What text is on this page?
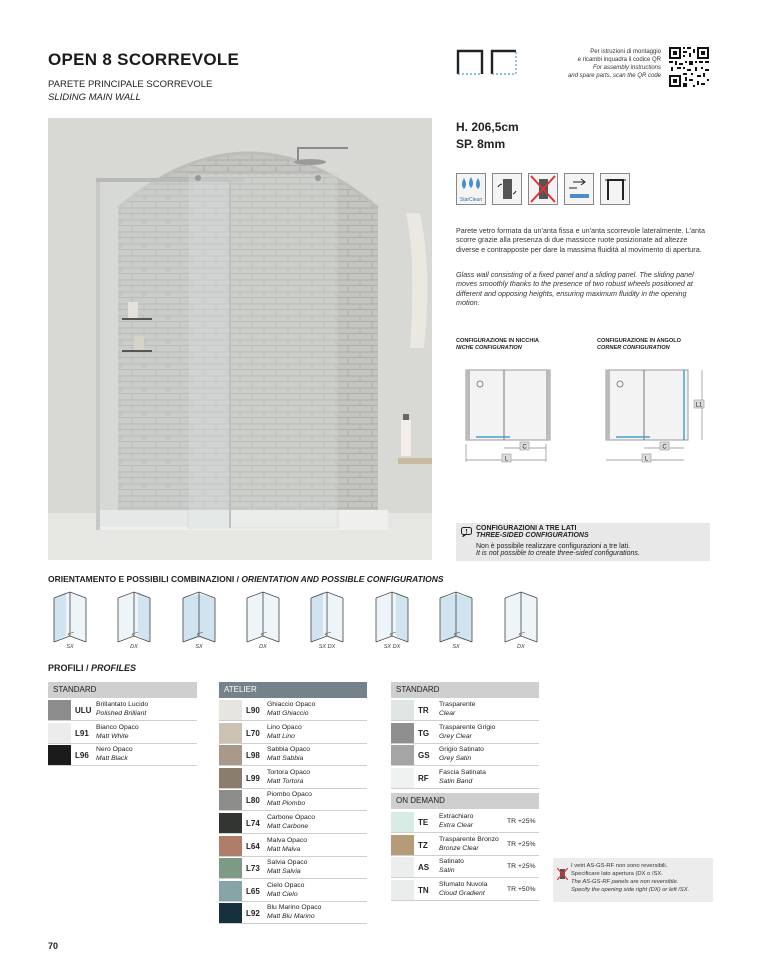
OPEN 8 SCORREVOLE
PARETE PRINCIPALE SCORREVOLE
SLIDING MAIN WALL
Per istruzioni di montaggio
e ricambi inquadra il codice QR
For assembly instructions
and spare parts, scan the QR code
H. 206,5cm
SP. 8mm
StarClean
Parete vetro formata da un'anta fissa e un'anta scorrevole lateralmente. L'anta scorre grazie alla presenza di due massicce ruote posizionate ad altezze diverse e contrapposte per dare la massima fluidità al movimento di apertura.
Glass wall consisting of a fixed panel and a sliding panel. The sliding panel moves smoothly thanks to the presence of two robust wheels positioned at different and opposing heights, ensuring maximum fluidity in the opening motion.
CONFIGURAZIONE IN NICCHIA
NICHE CONFIGURATION
CONFIGURAZIONE IN ANGOLO
CORNER CONFIGURATION
C
L
L1
C
L
CONFIGURAZIONI A TRE LATI
THREE-SIDED CONFIGURATIONS
Non è possibile realizzare configurazioni a tre lati.
It is not possible to create three-sided configurations.
ORIENTAMENTO E POSSIBILI COMBINAZIONI / ORIENTATION AND POSSIBLE CONFIGURATIONS
SX	DX	SX	DX	SX DX	SX DX	SX	DX
PROFILI / PROFILES
STANDARD	ATELIER	STANDARD
ON DEMAND
ULU
Brillantato Lucido
Polished Brilliant
L91
Bianco Opaco
Matt White
L96
Nero Opaco
Matt Black
L90
Ghiaccio Opaco
Matt Ghiaccio
L70
Lino Opaco
Matt Lino
L98
Sabbia Opaco
Matt Sabbia
L99
Tortora Opaco
Matt Tortora
L80
Piombo Opaco
Matt Piombo
L74
Carbone Opaco
Matt Carbone
L64
Malva Opaco
Matt Malva
L73
Salvia Opaco
Matt Salvia
L65
Cielo Opaco
Matt Cielo
L92
Blu Marino Opaco
Matt Blu Marino
TR
Trasparente
Clear
TG
Trasparente Grigio
Grey Clear
GS
Grigio Satinato
Grey Satin
RF
Fascia Satinata
Satin Band
TE
Extrachiaro
Extra Clear
TR +25%
TZ
Trasparente Bronzo
Bronze Clear
TR +25%
AS
Satinato
Satin
TR +25%
TN
Sfumato Nuvola
Cloud Gradient
TR +50%
I vetri AS-GS-RF non sono reversibili.
Specificare lato apertura (DX o /SX.
The AS-GS-RF panels are non reversible.
Specify the opening side right (DX) or left /SX.
70
